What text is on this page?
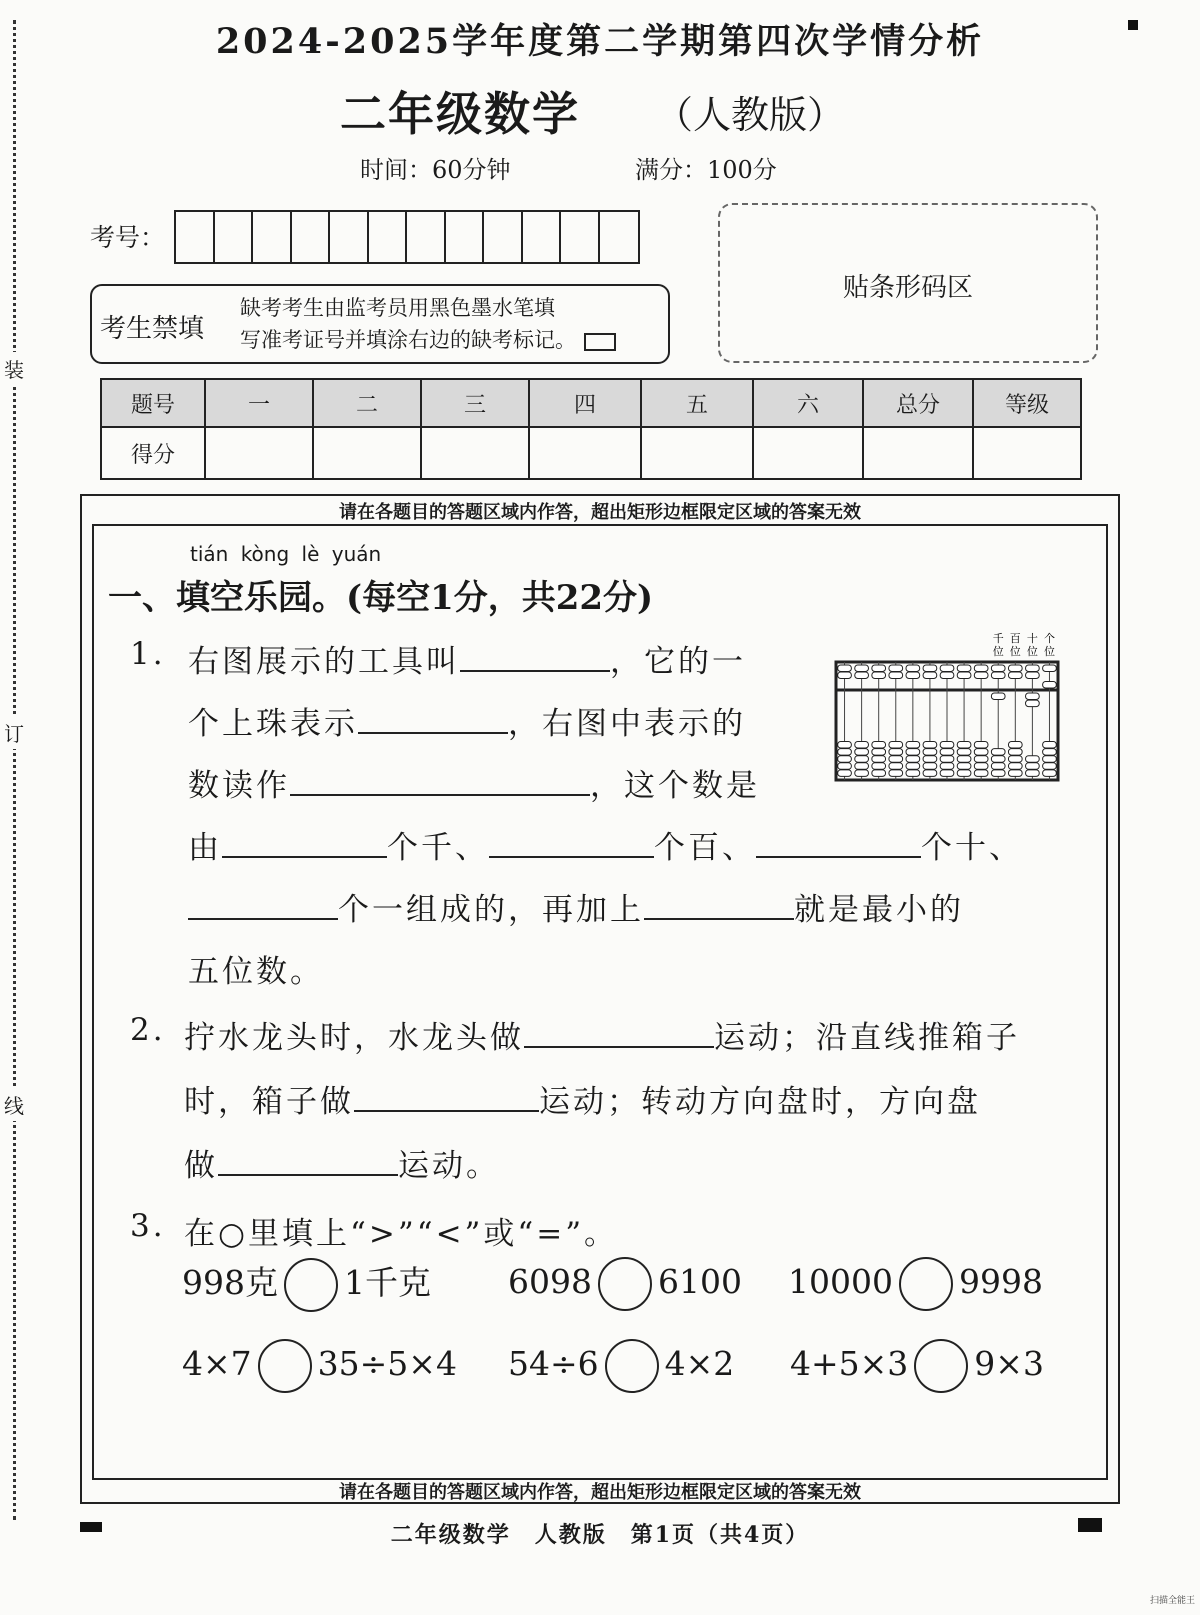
装
订
线
2024-2025学年度第二学期第四次学情分析
二年级数学 （人教版）
时间：60分钟	满分：100分
考号：
考生禁填
缺考考生由监考员用黑色墨水笔填
写准考证号并填涂右边的缺考标记。
贴条形码区
题号	一	二	三	四	五	六	总分	等级
得分								
请在各题目的答题区域内作答，超出矩形边框限定区域的答案无效
请在各题目的答题区域内作答，超出矩形边框限定区域的答案无效
tián kòng lè yuán
一、填空乐园。(每空1分，共22分)
1. 右图展示的工具叫	，它的一
个上珠表示	，右图中表示的
数读作	，这个数是
由	个千、	个百、	个十、
个一组成的，再加上	就是最小的
五位数。
千
位
百
位
十
位
个
位
2. 拧水龙头时，水龙头做	运动；沿直线推箱子
时，箱子做	运动；转动方向盘时，方向盘
做	运动。
3. 在○里填上“>”“<”或“=”。
998克 1千克 6098 6100 10000 9998
4×7 35÷5×4 54÷6 4×2 4+5×3 9×3
二年级数学　人教版　第1页（共4页）
扫描全能王
